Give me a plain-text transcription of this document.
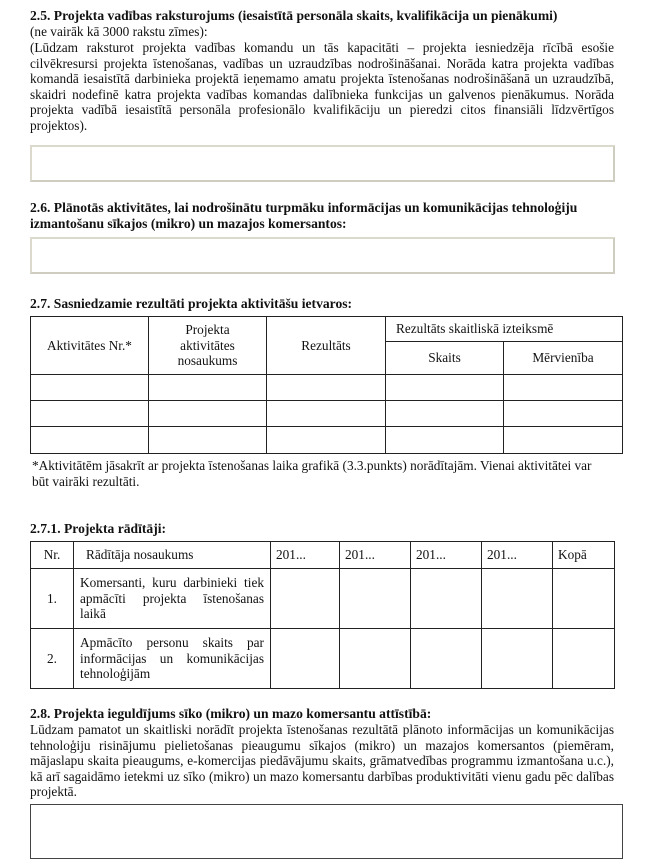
2.5. Projekta vadības raksturojums (iesaistītā personāla skaits, kvalifikācija un pienākumi)
(ne vairāk kā 3000 rakstu zīmes):
(Lūdzam raksturot projekta vadības komandu un tās kapacitāti – projekta iesniedzēja rīcībā esošie cilvēkresursi projekta īstenošanas, vadības un uzraudzības nodrošināšanai. Norāda katra projekta vadības komandā iesaistītā darbinieka projektā ieņemamo amatu projekta īstenošanas nodrošināšanā un uzraudzībā, skaidri nodefinē katra projekta vadības komandas dalībnieka funkcijas un galvenos pienākumus. Norāda projekta vadībā iesaistītā personāla profesionālo kvalifikāciju un pieredzi citos finansiāli līdzvērtīgos projektos).
2.6. Plānotās aktivitātes, lai nodrošinātu turpmāku informācijas un komunikācijas tehnoloģiju izmantošanu sīkajos (mikro) un mazajos komersantos:
2.7. Sasniedzamie rezultāti projekta aktivitāšu ietvaros:
Aktivitātes Nr.*	Projekta aktivitātes nosaukums	Rezultāts	Rezultāts skaitliskā izteiksmē	
			Skaits	Mērvienība

*Aktivitātēm jāsakrīt ar projekta īstenošanas laika grafikā (3.3.punkts) norādītajām. Vienai aktivitātei var būt vairāki rezultāti.
2.7.1. Projekta rādītāji:
Nr.	Rādītāja nosaukums	201...	201...	201...	201...	Kopā
1.	Komersanti, kuru darbinieki tiek apmācīti projekta īstenošanas laikā					
2.	Apmācīto personu skaits par informācijas un komunikācijas tehnoloģijām					
2.8. Projekta ieguldījums sīko (mikro) un mazo komersantu attīstībā:
Lūdzam pamatot un skaitliski norādīt projekta īstenošanas rezultātā plānoto informācijas un komunikācijas tehnoloģiju risinājumu pielietošanas pieaugumu sīkajos (mikro) un mazajos komersantos (piemēram, mājaslapu skaita pieaugums, e-komercijas piedāvājumu skaits, grāmatvedības programmu izmantošana u.c.), kā arī sagaidāmo ietekmi uz sīko (mikro) un mazo komersantu darbības produktivitāti vienu gadu pēc dalības projektā.
